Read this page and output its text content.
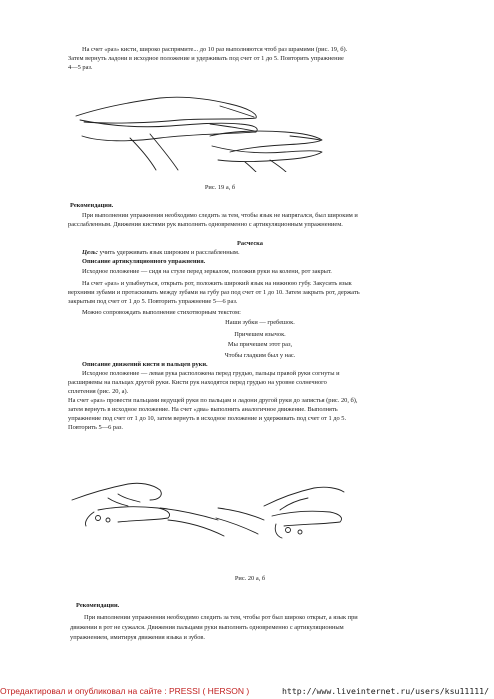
На счет «раз» кисти, широко распрямите... до 10 раз выполняются чтоб раз шрамими (рис. 19, б).
Затем вернуть ладони в исходное положение и удерживать под счет от 1 до 5. Повторить упражнение
4—5 раз.
Рис. 19 а, б
Рекомендации.
При выполнении упражнения необходимо следить за тем, чтобы язык не напрягался, был широким и
расслабленным. Движения кистями рук выполнять одновременно с артикуляционным упражнением.
Расческа
Цель: учить удерживать язык широким и расслабленным.
Описание артикуляционного упражнения.
Исходное положение — сидя на стуле перед зеркалом, положив руки на колени, рот закрыт.
На счет «раз» и улыбнуться, открыть рот, положить широкий язык на нижнюю губу. Закусить язык
верхними зубами и протаскивать между зубами на губу раз под счет от 1 до 10. Затем закрыть рот, держать
закрытым под счет от 1 до 5. Повторить упражнение 5—6 раз.
Можно сопровождать выполнение стихотворным текстом:
Наши зубки — гребешок.
Причешем язычок.
Мы причешем этот раз,
Чтобы гладким был у нас.
Описание движений кисти и пальцев руки.
Исходное положение — левая рука расположена перед грудью, пальцы правой руки согнуты и
расширяемы на пальцах другой руки. Кисти рук находятся перед грудью на уровне солнечного
сплетения (рис. 20, а).
На счет «раз» провести пальцами ведущей руки по пальцам и ладони другой руки до запястья (рис. 20, б),
затем вернуть в исходное положение. На счет «два» выполнить аналогичное движение. Выполнять
упражнение под счет от 1 до 10, затем вернуть в исходное положение и удерживать под счет от 1 до 5.
Повторить 5—6 раз.
Рис. 20 а, б
Рекомендации.
При выполнении упражнения необходимо следить за тем, чтобы рот был широко открыт, а язык при
движении в рот не сужался. Движения пальцами руки выполнять одновременно с артикуляционным
упражнением, имитируя движения языка и зубов.
Отредактировал и опубликовал на сайте : PRESSI ( HERSON )	http://www.liveinternet.ru/users/ksu11111/
